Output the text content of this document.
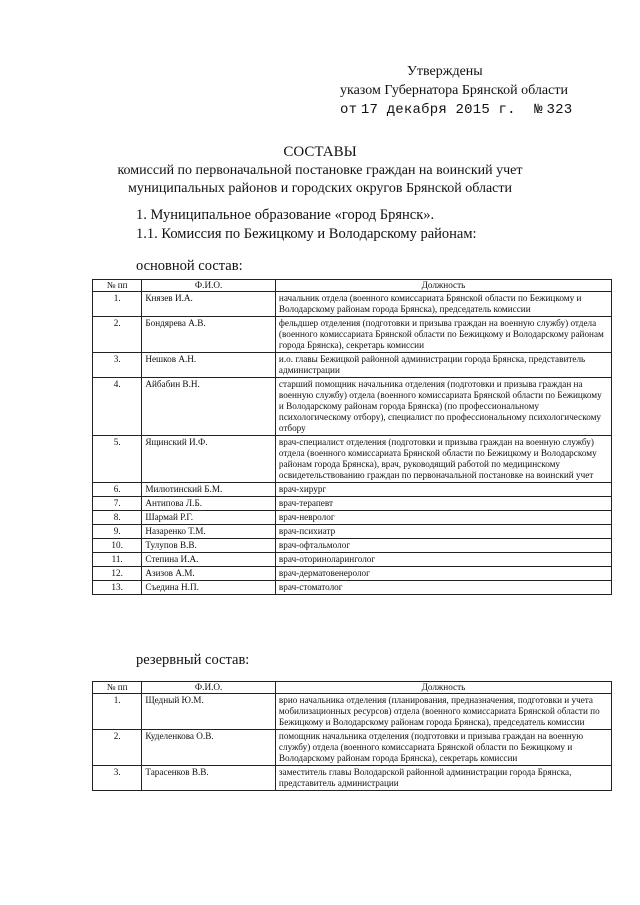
Утверждены
указом Губернатора Брянской области
от 17 декабря 2015 г. № 323
СОСТАВЫ
комиссий по первоначальной постановке граждан на воинский учет
муниципальных районов и городских округов Брянской области
1. Муниципальное образование «город Брянск».
1.1. Комиссия по Бежицкому и Володарскому районам:
основной состав:
№ пп	Ф.И.О.	Должность
1.	Князев И.А.	начальник отдела (военного комиссариата Брянской области по Бежицкому и Володарскому районам города Брянска), председатель комиссии
2.	Бондярева А.В.	фельдшер отделения (подготовки и призыва граждан на военную службу) отдела (военного комиссариата Брянской области по Бежицкому и Володарскому районам города Брянска), секретарь комиссии
3.	Нешков А.Н.	и.о. главы Бежицкой районной администрации города Брянска, представитель администрации
4.	Айбабин В.Н.	старший помощник начальника отделения (подготовки и призыва граждан на военную службу) отдела (военного комиссариата Брянской области по Бежицкому и Володарскому районам города Брянска) (по профессиональному психологическому отбору), специалист по профессиональному психологическому отбору
5.	Ящинский И.Ф.	врач-специалист отделения (подготовки и призыва граждан на военную службу) отдела (военного комиссариата Брянской области по Бежицкому и Володарскому районам города Брянска), врач, руководящий работой по медицинскому освидетельствованию граждан по первоначальной постановке на воинский учет
6.	Милютинский Б.М.	врач-хирург
7.	Антипова Л.Б.	врач-терапевт
8.	Шармай Р.Г.	врач-невролог
9.	Назаренко Т.М.	врач-психиатр
10.	Тулупов В.В.	врач-офтальмолог
11.	Степина И.А.	врач-оториноларинголог
12.	Азизов А.М.	врач-дерматовенеролог
13.	Съедина Н.П.	врач-стоматолог
резервный состав:
№ пп	Ф.И.О.	Должность
1.	Щедный Ю.М.	врио начальника отделения (планирования, предназначения, подготовки и учета мобилизационных ресурсов) отдела (военного комиссариата Брянской области по Бежицкому и Володарскому районам города Брянска), председатель комиссии
2.	Куделенкова О.В.	помощник начальника отделения (подготовки и призыва граждан на военную службу) отдела (военного комиссариата Брянской области по Бежицкому и Володарскому районам города Брянска), секретарь комиссии
3.	Тарасенков В.В.	заместитель главы Володарской районной администрации города Брянска, представитель администрации
